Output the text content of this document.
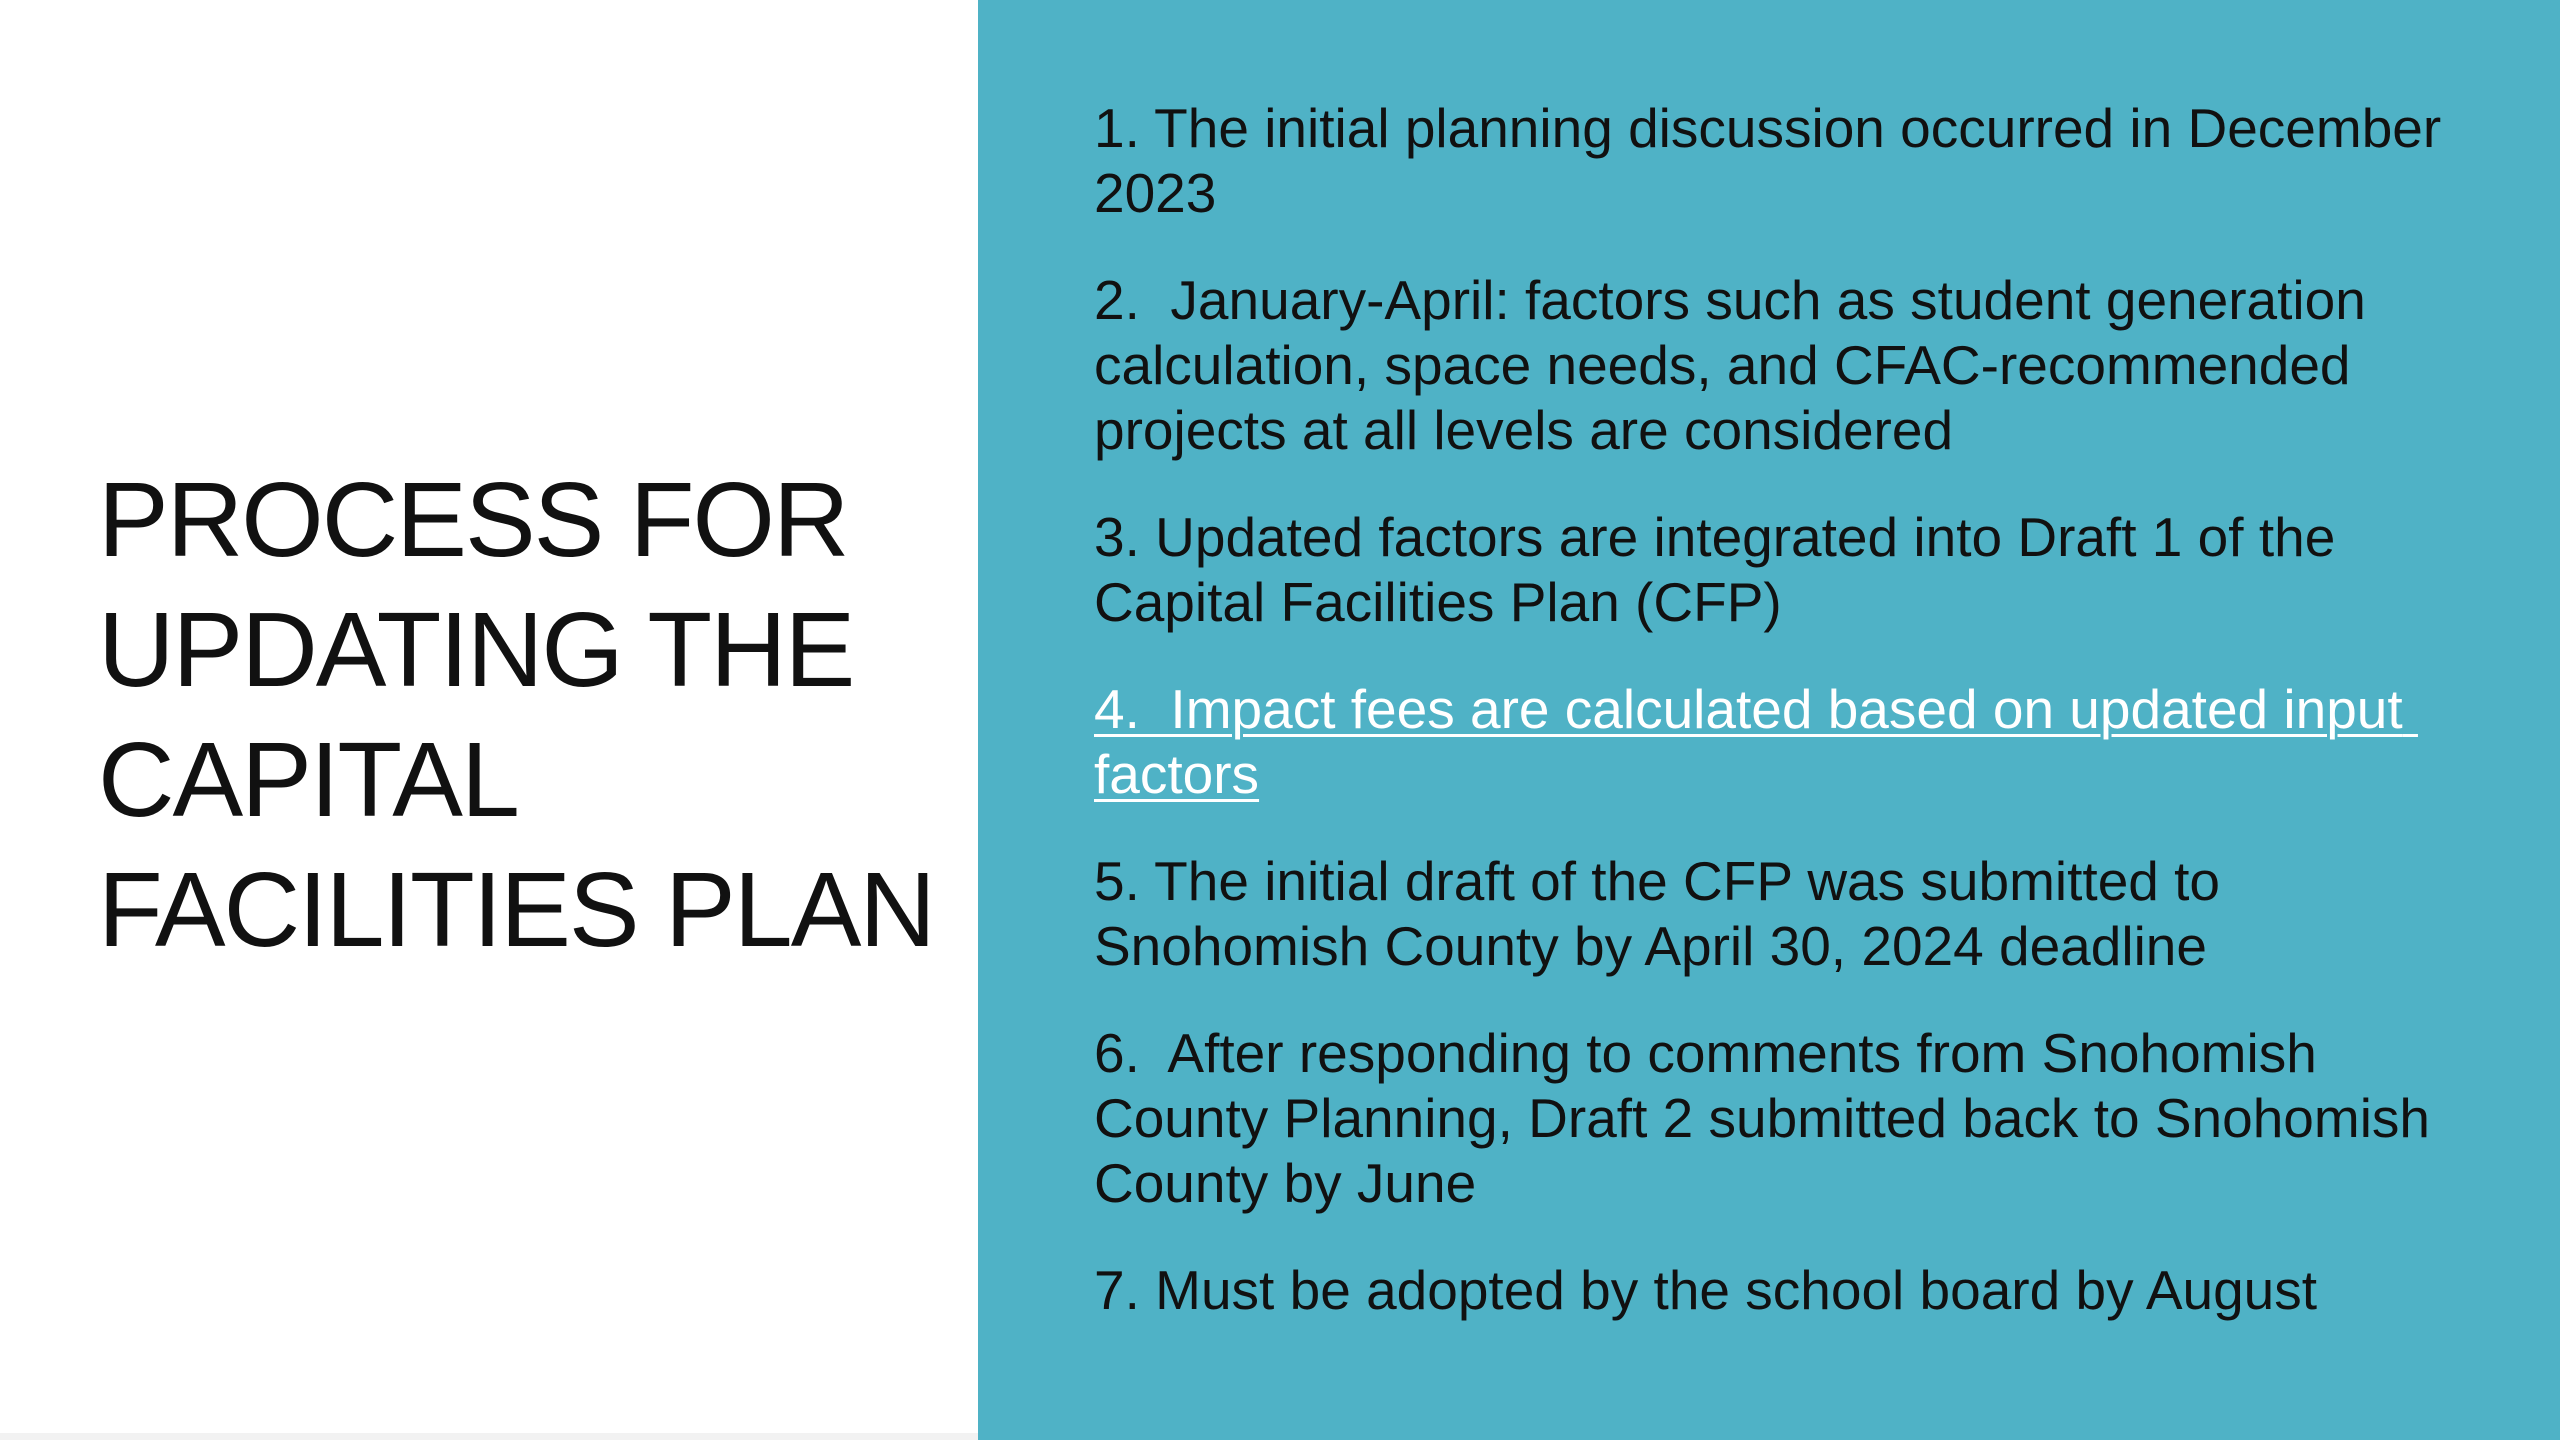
PROCESS FOR
UPDATING THE
CAPITAL
FACILITIES PLAN
1. The initial planning discussion occurred in December 2023
2.  January-April: factors such as student generation calculation, space needs, and CFAC-recommended projects at all levels are considered
3. Updated factors are integrated into Draft 1 of the Capital Facilities Plan (CFP)
4.  Impact fees are calculated based on updated input factors
5. The initial draft of the CFP was submitted to Snohomish County by April 30, 2024 deadline
6.  After responding to comments from Snohomish County Planning, Draft 2 submitted back to Snohomish County by June
7. Must be adopted by the school board by August
